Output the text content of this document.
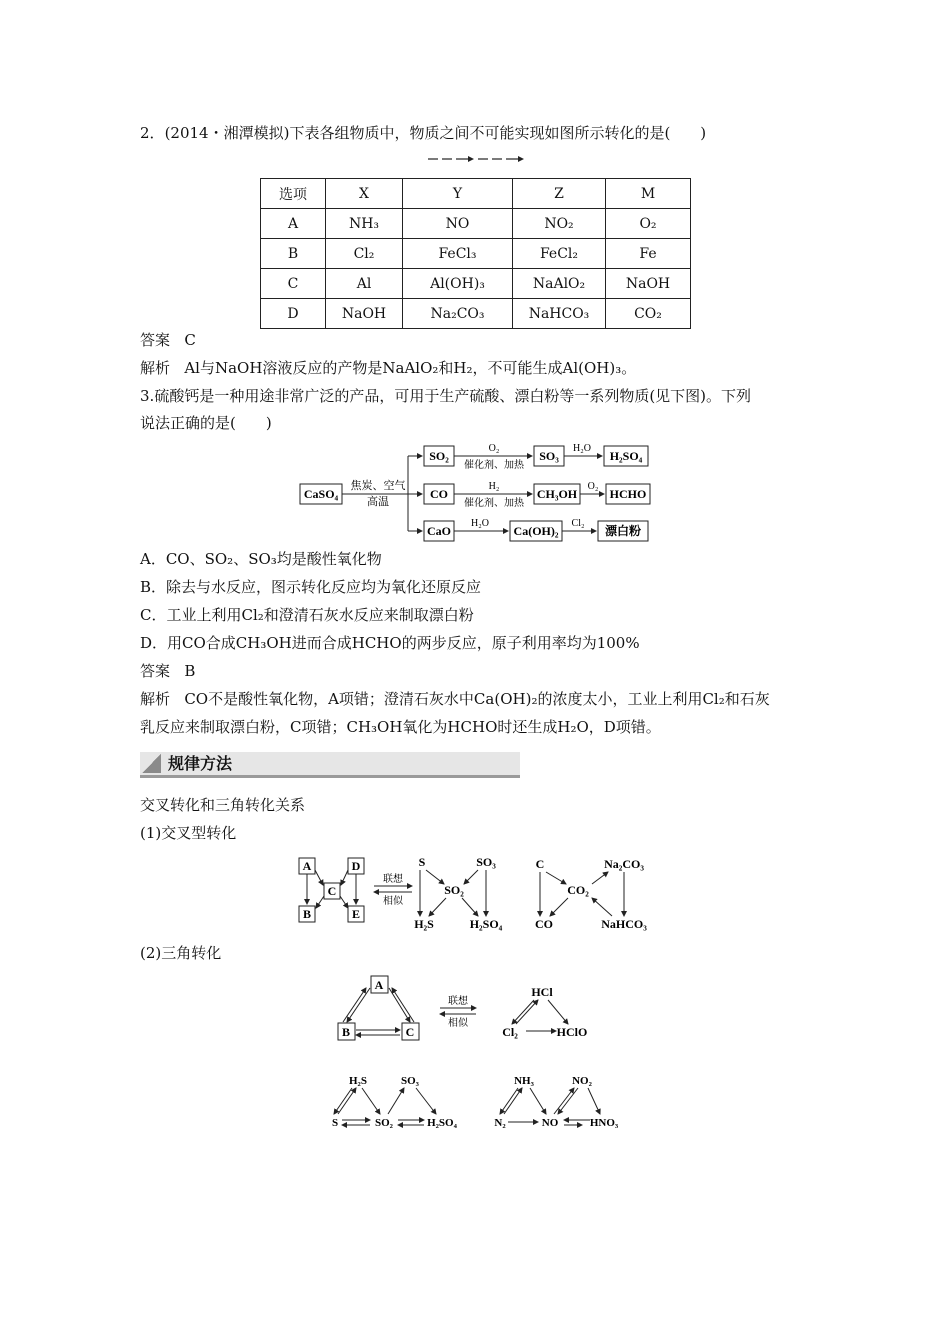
2．(2014・湘潭模拟)下表各组物质中，物质之间不可能实现如图所示转化的是(　　)
选项	X	Y	Z	M
A	NH₃	NO	NO₂	O₂
B	Cl₂	FeCl₃	FeCl₂	Fe
C	Al	Al(OH)₃	NaAlO₂	NaOH
D	NaOH	Na₂CO₃	NaHCO₃	CO₂
答案 C
解析 Al与NaOH溶液反应的产物是NaAlO₂和H₂，不可能生成Al(OH)₃。
3.硫酸钙是一种用途非常广泛的产品，可用于生产硫酸、漂白粉等一系列物质(见下图)。下列
说法正确的是(　　)
CaSO₄
焦炭、空气
高温
SO₂
O₂
催化剂、加热
SO₃
H₂O
H₂SO₄
CO
H₂
催化剂、加热
CH₃OH
O₂
HCHO
CaO
H₂O
Ca(OH)₂
Cl₂
漂白粉
A．CO、SO₂、SO₃均是酸性氧化物
B．除去与水反应，图示转化反应均为氧化还原反应
C．工业上利用Cl₂和澄清石灰水反应来制取漂白粉
D．用CO合成CH₃OH进而合成HCHO的两步反应，原子利用率均为100%
答案 B
解析 CO不是酸性氧化物，A项错；澄清石灰水中Ca(OH)₂的浓度太小，工业上利用Cl₂和石灰
乳反应来制取漂白粉，C项错；CH₃OH氧化为HCHO时还生成H₂O，D项错。
规律方法
交叉转化和三角转化关系
(1)交叉型转化
A	D
C
B	E
联想
相似
S	SO₃
SO₂
H₂S	H₂SO₄
C	Na₂CO₃
CO₂
CO	NaHCO₃
(2)三角转化
A
B	C
联想
相似
HCl
Cl₂	HClO
H₂S	SO₃
S	SO₂	H₂SO₄
NH₃	NO₂
N₂	NO	HNO₃
